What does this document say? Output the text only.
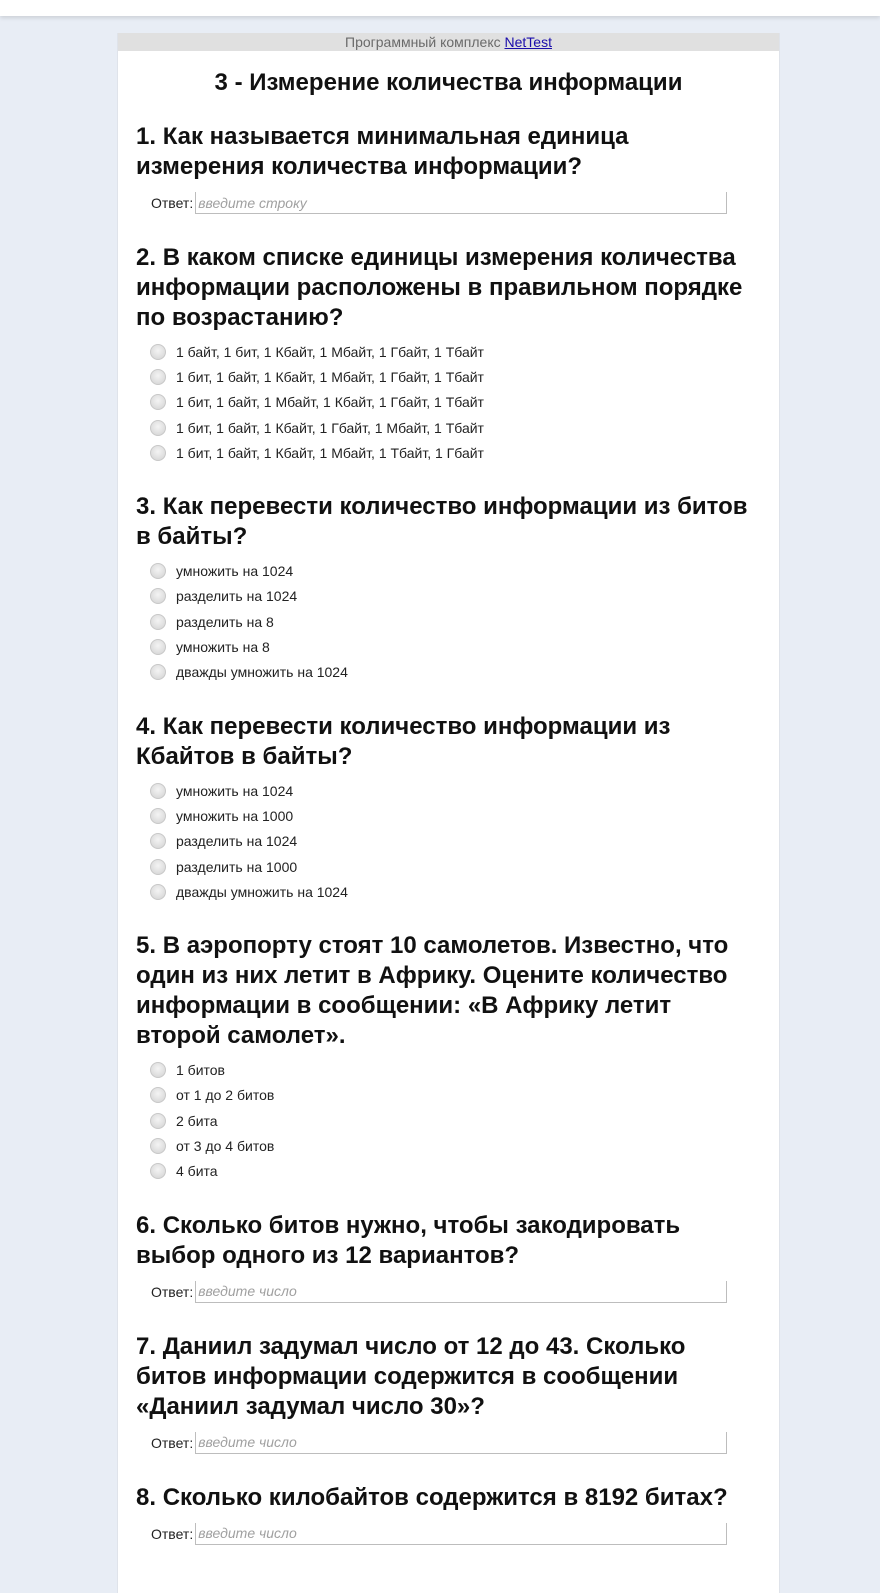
Программный комплекс NetTest
3 - Измерение количества информации

1. Как называется минимальная единица измерения количества информации?

Ответ:
введите строку

2. В каком списке единицы измерения количества информации расположены в правильном порядке по возрастанию?

1 байт, 1 бит, 1 Кбайт, 1 Мбайт, 1 Гбайт, 1 Тбайт
1 бит, 1 байт, 1 Кбайт, 1 Мбайт, 1 Гбайт, 1 Тбайт
1 бит, 1 байт, 1 Мбайт, 1 Кбайт, 1 Гбайт, 1 Тбайт
1 бит, 1 байт, 1 Кбайт, 1 Гбайт, 1 Мбайт, 1 Тбайт
1 бит, 1 байт, 1 Кбайт, 1 Мбайт, 1 Тбайт, 1 Гбайт

3. Как перевести количество информации из битов в байты?

умножить на 1024
разделить на 1024
разделить на 8
умножить на 8
дважды умножить на 1024

4. Как перевести количество информации из Кбайтов в байты?

умножить на 1024
умножить на 1000
разделить на 1024
разделить на 1000
дважды умножить на 1024

5. В аэропорту стоят 10 самолетов. Известно, что один из них летит в Африку. Оцените количество информации в сообщении: «В Африку летит второй самолет».

1 битов
от 1 до 2 битов
2 бита
от 3 до 4 битов
4 бита

6. Сколько битов нужно, чтобы закодировать выбор одного из 12 вариантов?

Ответ:
введите число

7. Даниил задумал число от 12 до 43. Сколько битов информации содержится в сообщении «Даниил задумал число 30»?

Ответ:
введите число

8. Сколько килобайтов содержится в 8192 битах?

Ответ:
введите число
